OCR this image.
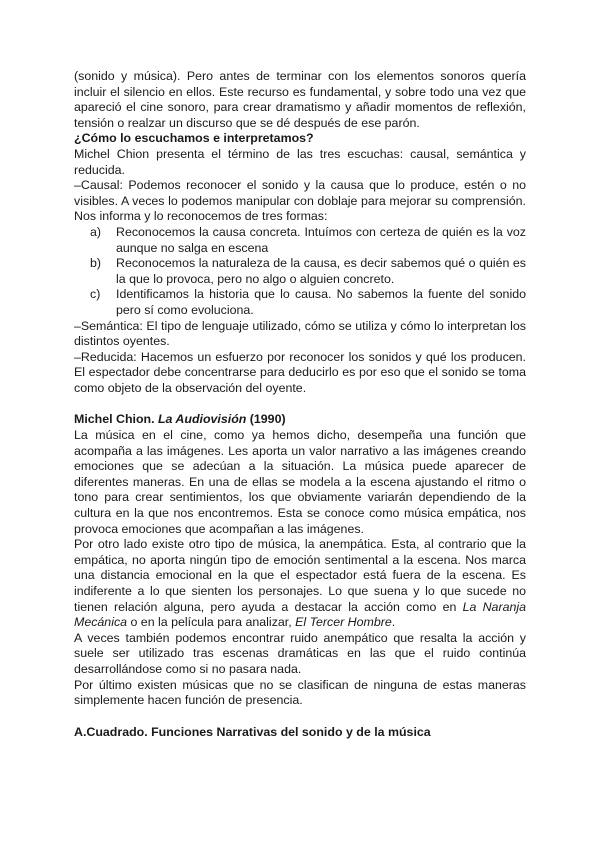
(sonido y música). Pero antes de terminar con los elementos sonoros quería incluir el silencio en ellos. Este recurso es fundamental, y sobre todo una vez que apareció el cine sonoro, para crear dramatismo y añadir momentos de reflexión, tensión o realzar un discurso que se dé después de ese parón.

¿Cómo lo escuchamos e interpretamos?

Michel Chion presenta el término de las tres escuchas: causal, semántica y reducida.

–Causal: Podemos reconocer el sonido y la causa que lo produce, estén o no visibles. A veces lo podemos manipular con doblaje para mejorar su comprensión. Nos informa y lo reconocemos de tres formas:

a) Reconocemos la causa concreta. Intuímos con certeza de quién es la voz aunque no salga en escena
b) Reconocemos la naturaleza de la causa, es decir sabemos qué o quién es la que lo provoca, pero no algo o alguien concreto.
c) Identificamos la historia que lo causa. No sabemos la fuente del sonido pero sí como evoluciona.

–Semántica: El tipo de lenguaje utilizado, cómo se utiliza y cómo lo interpretan los distintos oyentes.

–Reducida: Hacemos un esfuerzo por reconocer los sonidos y qué los producen. El espectador debe concentrarse para deducirlo es por eso que el sonido se toma como objeto de la observación del oyente.

Michel Chion. La Audiovisión (1990)

La música en el cine, como ya hemos dicho, desempeña una función que acompaña a las imágenes. Les aporta un valor narrativo a las imágenes creando emociones que se adecúan a la situación. La música puede aparecer de diferentes maneras. En una de ellas se modela a la escena ajustando el ritmo o tono para crear sentimientos, los que obviamente variarán dependiendo de la cultura en la que nos encontremos. Esta se conoce como música empática, nos provoca emociones que acompañan a las imágenes.

Por otro lado existe otro tipo de música, la anempática. Esta, al contrario que la empática, no aporta ningún tipo de emoción sentimental a la escena. Nos marca una distancia emocional en la que el espectador está fuera de la escena. Es indiferente a lo que sienten los personajes. Lo que suena y lo que sucede no tienen relación alguna, pero ayuda a destacar la acción como en La Naranja Mecánica o en la película para analizar, El Tercer Hombre.

A veces también podemos encontrar ruido anempático que resalta la acción y suele ser utilizado tras escenas dramáticas en las que el ruido continúa desarrollándose como si no pasara nada.

Por último existen músicas que no se clasifican de ninguna de estas maneras simplemente hacen función de presencia.

A.Cuadrado. Funciones Narrativas del sonido y de la música
